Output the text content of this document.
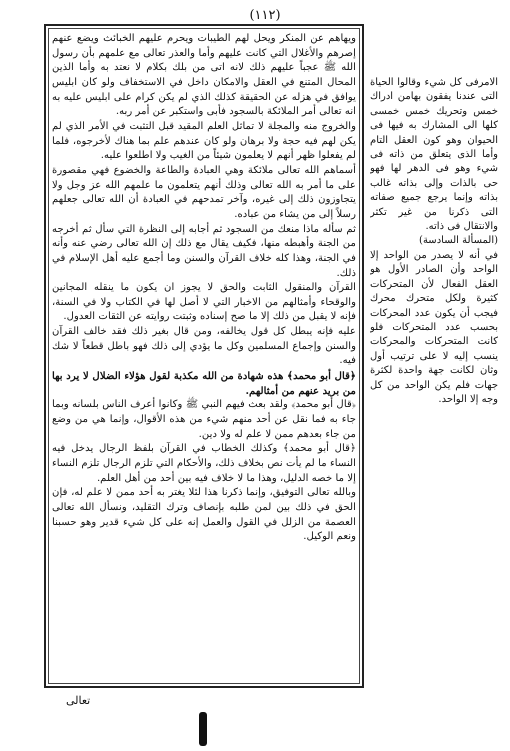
(١١٢)

ويهاهم عن المنكر ويحل لهم الطيبات ويحرم عليهم الخبائث ويضع عنهم إصرهم والأغلال التي كانت عليهم وأما والعذر تعالى مع علمهم بأن رسول الله ﷺ عجباً عليهم ذلك لانه اتى من بلك بكلام لا نعتد به وأما الذين المحال المتنع في العقل والامكان داخل في الاستخفاف ولو كان ابليس يوافق في هزله عن الحقيقة كذلك الذي لم يكن كرام على ابليس عليه به انه تعالى أمر الملائكة بالسجود فأبى واستكبر عن أمر ربه.

والخروج منه والمجلة لا تماثل العلم المقيد قبل التثبت في الأمر الذي لم يكن لهم فيه حجة ولا برهان ولو كان عندهم علم بما هناك لأخرجوه، فلما لم يفعلوا ظهر أنهم لا يعلمون شيئاً من الغيب ولا اطلعوا عليه.

أسماهم الله تعالى ملائكة وهي العبادة والطاعة والخضوع فهي مقصورة على ما أمر به الله تعالى وذلك أنهم يتعلمون ما علمهم الله عز وجل ولا يتجاوزون ذلك إلى غيره، وآخر تمدحهم في العبادة أن الله تعالى جعلهم رسلاً إلى من يشاء من عباده.

ثم سأله ماذا منعك من السجود ثم أجابه إلى النظرة التي سأل ثم أخرجه من الجنة وأهبطه منها، فكيف يقال مع ذلك إن الله تعالى رضي عنه وأنه في الجنة، وهذا كله خلاف القرآن والسنن وما أجمع عليه أهل الإسلام في ذلك.

القرآن والمنقول الثابت والحق لا يجوز ان يكون ما ينقله المجانين والوقحاء وأمثالهم من الاخبار التي لا أصل لها في الكتاب ولا في السنة، فإنه لا يقبل من ذلك إلا ما صح إسناده وثبتت روايته عن الثقات العدول.

عليه فإنه يبطل كل قول يخالفه، ومن قال بغير ذلك فقد خالف القرآن والسنن وإجماع المسلمين وكل ما يؤدي إلى ذلك فهو باطل قطعاً لا شك فيه.

﴿قال أبو محمد﴾ هذه شهادة من الله مكذبة لقول هؤلاء الضلال لا يرد بها من بريد عنهم من أمثالهم.

﴿قال أبو محمد﴾ ولقد بعث فيهم النبي ﷺ وكانوا أعرف الناس بلسانه وبما جاء به فما نقل عن أحد منهم شيء من هذه الأقوال، وإنما هي من وضع من جاء بعدهم ممن لا علم له ولا دين.

﴿قال أبو محمد﴾ وكذلك الخطاب في القرآن بلفظ الرجال يدخل فيه النساء ما لم يأت نص بخلاف ذلك، والأحكام التي تلزم الرجال تلزم النساء إلا ما خصه الدليل، وهذا ما لا خلاف فيه بين أحد من أهل العلم.

وبالله تعالى التوفيق، وإنما ذكرنا هذا لئلا يغتر به أحد ممن لا علم له، فإن الحق في ذلك بين لمن طلبه بإنصاف وترك التقليد، ونسأل الله تعالى العصمة من الزلل في القول والعمل إنه على كل شيء قدير وهو حسبنا ونعم الوكيل.

الامرفى كل شيء وقالوا الحياة التى عندنا يفقون بهامن ادراك خمس وتحريك خمس خمسى كلها الى المشارك به فيها فى الحيوان وهو كون العقل التام وأما الذى يتعلق من ذاته فى شيء وهو فى الدهر لها فهو حى بالذات وإلى بذاته غالب بذاته وإنما يرجع جميع صفاته التى ذكرنا من غير تكثر والانتقال فى ذاته.

(المسألة السادسة)

في أنه لا يصدر من الواحد إلا الواحد وأن الصادر الأول هو العقل الفعال لأن المتحركات كثيرة ولكل متحرك محرك فيجب أن يكون عدد المحركات بحسب عدد المتحركات فلو كانت المتحركات والمحركات ينسب إليه لا على ترتيب أول وثان لكانت جهة واحدة لكثرة جهات فلم يكن الواحد من كل وجه إلا الواحد.

تعالى
